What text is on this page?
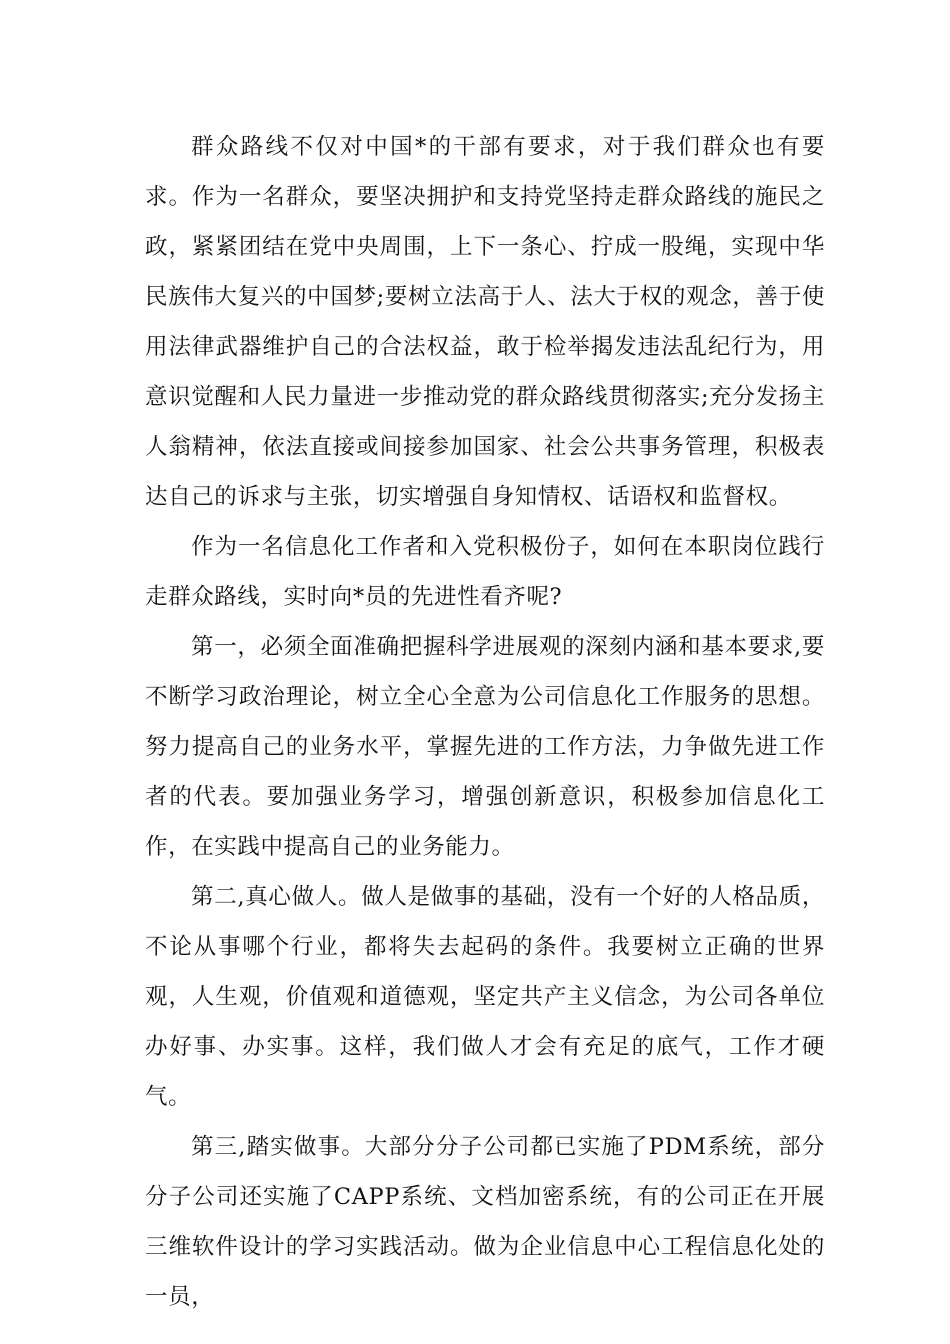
群众路线不仅对中国*的干部有要求，对于我们群众也有要求。作为一名群众，要坚决拥护和支持党坚持走群众路线的施民之政，紧紧团结在党中央周围，上下一条心、拧成一股绳，实现中华民族伟大复兴的中国梦;要树立法高于人、法大于权的观念，善于使用法律武器维护自己的合法权益，敢于检举揭发违法乱纪行为，用意识觉醒和人民力量进一步推动党的群众路线贯彻落实;充分发扬主人翁精神，依法直接或间接参加国家、社会公共事务管理，积极表达自己的诉求与主张，切实增强自身知情权、话语权和监督权。

作为一名信息化工作者和入党积极份子，如何在本职岗位践行走群众路线，实时向*员的先进性看齐呢?

第一，必须全面准确把握科学进展观的深刻内涵和基本要求,要不断学习政治理论，树立全心全意为公司信息化工作服务的思想。努力提高自己的业务水平，掌握先进的工作方法，力争做先进工作者的代表。要加强业务学习，增强创新意识，积极参加信息化工作，在实践中提高自己的业务能力。

第二,真心做人。做人是做事的基础，没有一个好的人格品质，不论从事哪个行业，都将失去起码的条件。我要树立正确的世界观，人生观，价值观和道德观，坚定共产主义信念，为公司各单位办好事、办实事。这样，我们做人才会有充足的底气，工作才硬气。

第三,踏实做事。大部分分子公司都已实施了PDM系统，部分分子公司还实施了CAPP系统、文档加密系统，有的公司正在开展三维软件设计的学习实践活动。做为企业信息中心工程信息化处的一员，
